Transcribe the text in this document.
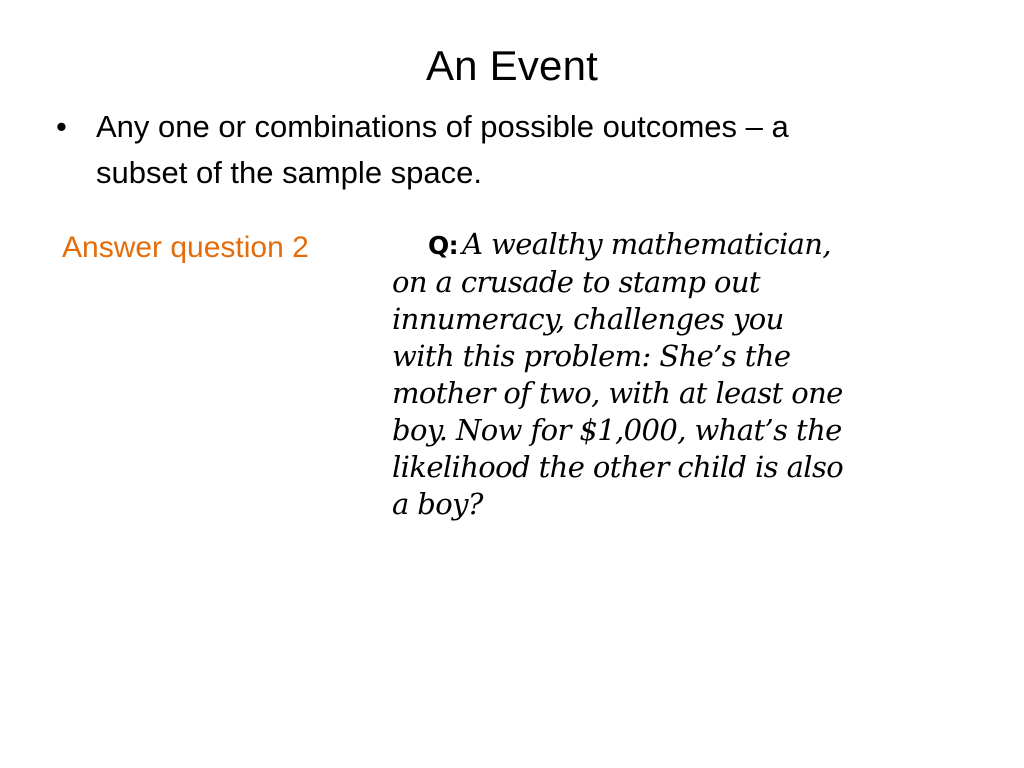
An Event
• Any one or combinations of possible outcomes – a
subset of the sample space.
Answer question 2	Q: A wealthy mathematician,
on a crusade to stamp out
innumeracy, challenges you
with this problem: She’s the
mother of two, with at least one
boy. Now for $1,000, what’s the
likelihood the other child is also
a boy?
